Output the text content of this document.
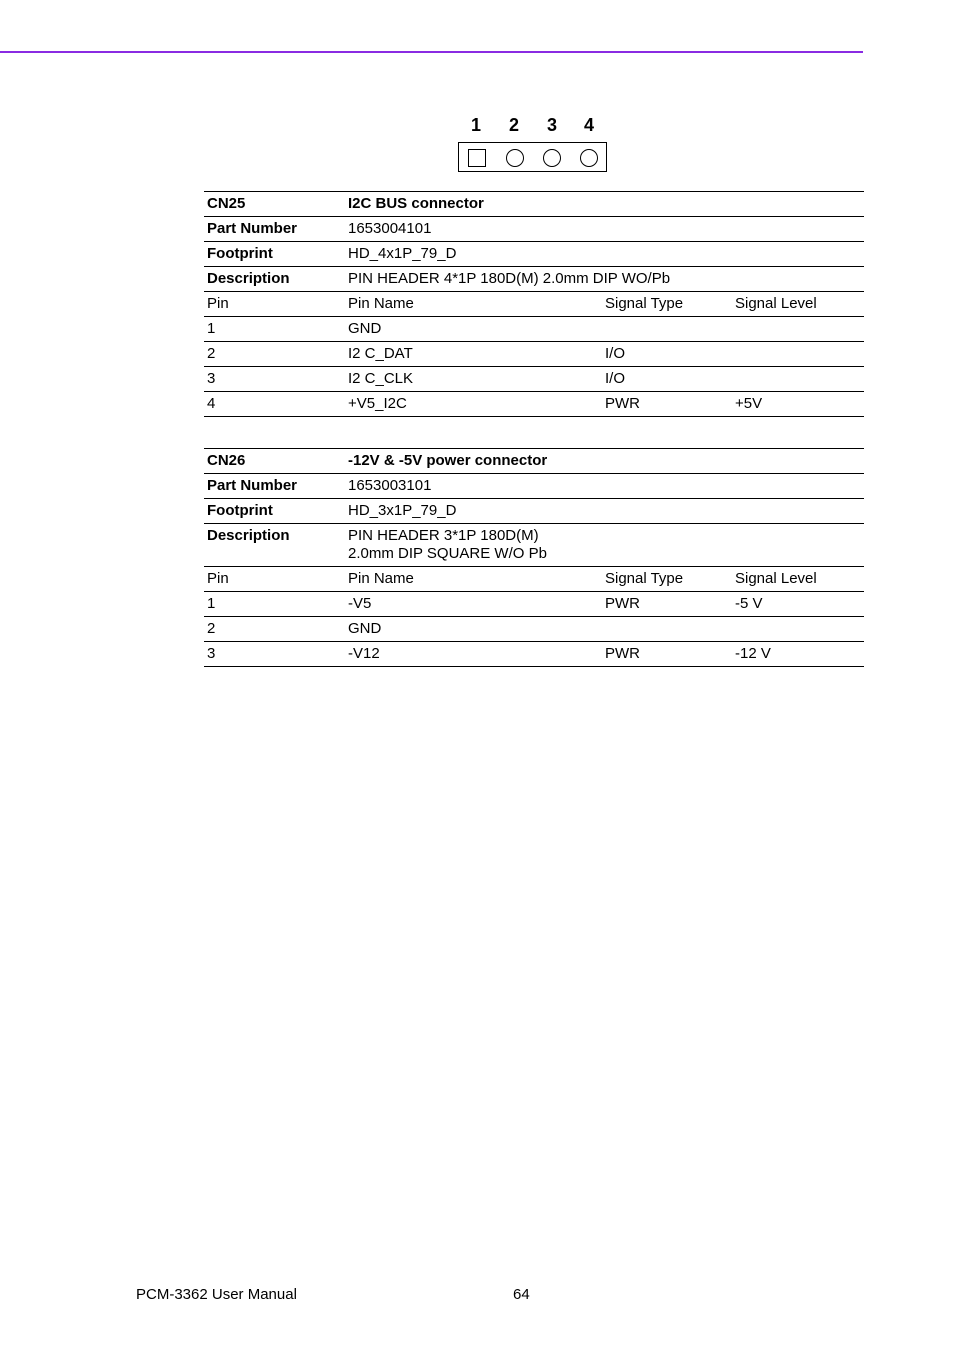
1 2 3 4
CN25	I2C BUS connector		
Part Number	1653004101		
Footprint	HD_4x1P_79_D		
Description	PIN HEADER 4*1P 180D(M) 2.0mm DIP WO/Pb		
Pin	Pin Name	Signal Type	Signal Level
1	GND		
2	I2 C_DAT	I/O	
3	I2 C_CLK	I/O	
4	+V5_I2C	PWR	+5V
CN26	-12V & -5V power connector		
Part Number	1653003101		
Footprint	HD_3x1P_79_D		
Description	PIN HEADER 3*1P 180D(M)
2.0mm DIP SQUARE W/O Pb		

Pin	Pin Name	Signal Type	Signal Level
1	-V5	PWR	-5 V
2	GND		
3	-V12	PWR	-12 V
PCM-3362 User Manual	64
